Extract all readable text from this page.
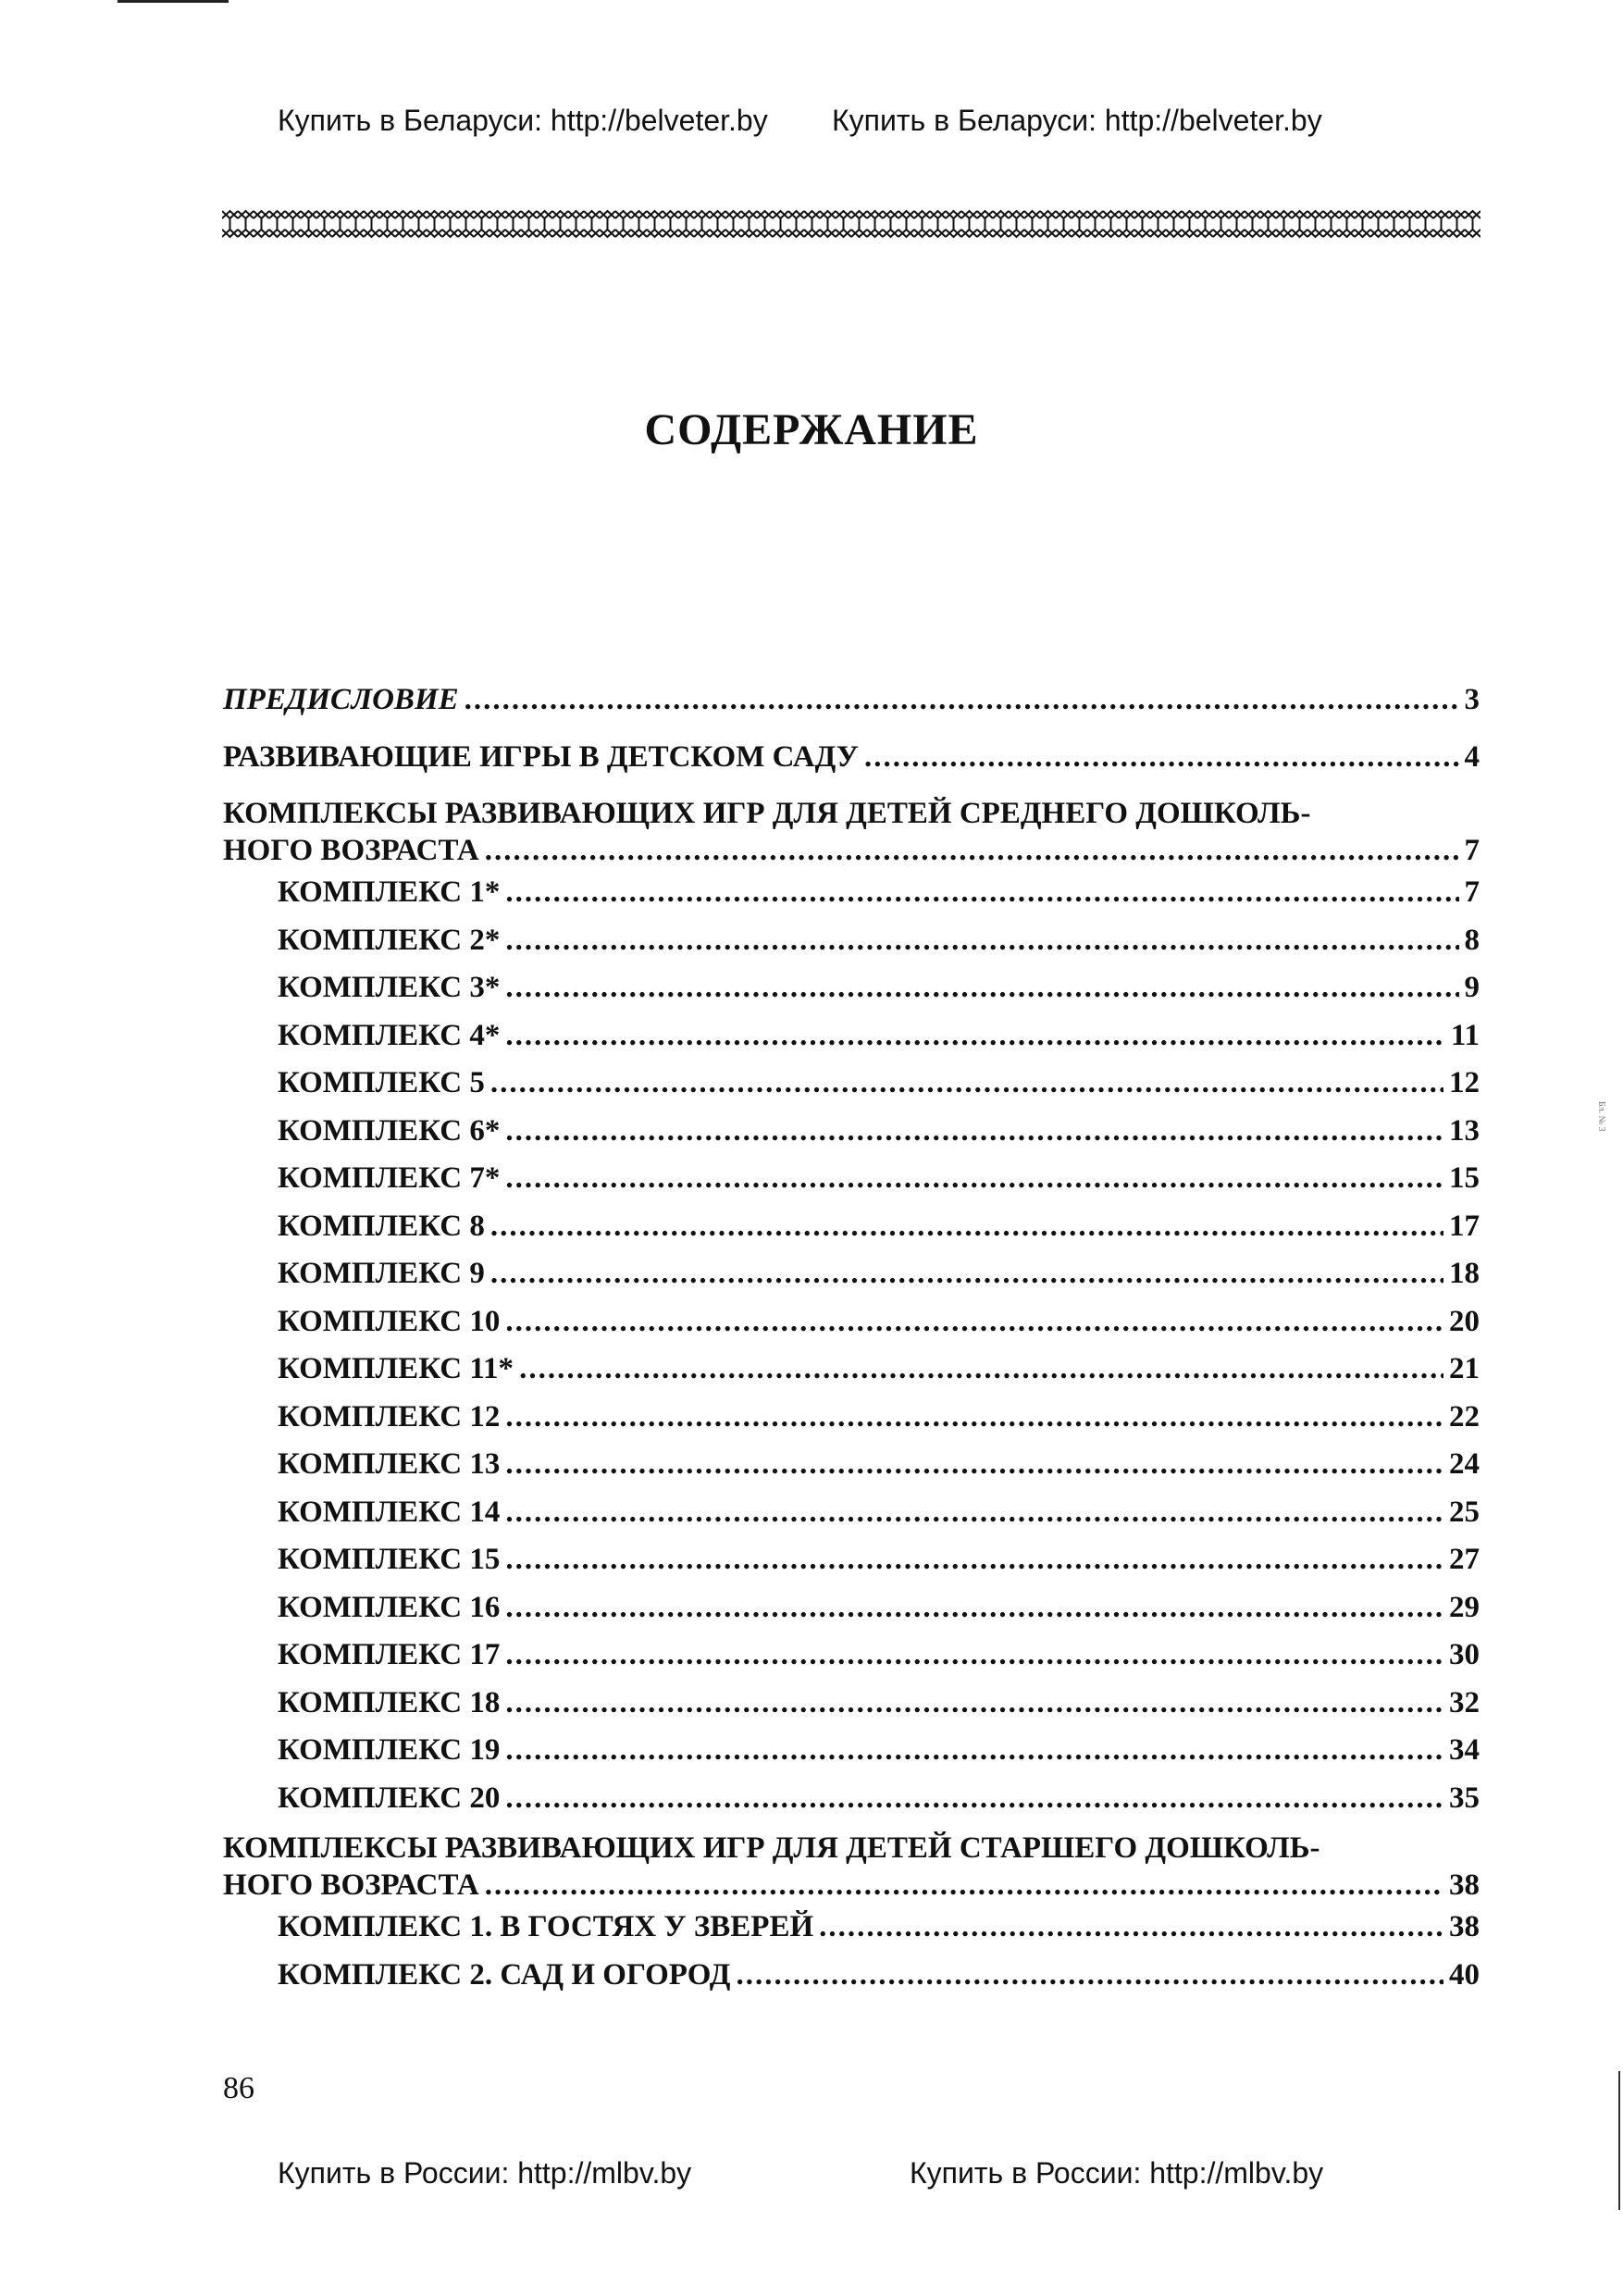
Купить в Беларуси: http://belveter.by Купить в Беларуси: http://belveter.by
СОДЕРЖАНИЕ
ПРЕДИСЛОВИЕ .....	3
РАЗВИВАЮЩИЕ ИГРЫ В ДЕТСКОМ САДУ .....	4
КОМПЛЕКСЫ РАЗВИВАЮЩИХ ИГР ДЛЯ ДЕТЕЙ СРЕДНЕГО ДОШКОЛЬ-
НОГО ВОЗРАСТА .....	7
КОМПЛЕКС 1* .....	7
КОМПЛЕКС 2* .....	8
КОМПЛЕКС 3* .....	9
КОМПЛЕКС 4* .....	11
КОМПЛЕКС 5 .....	12
КОМПЛЕКС 6* .....	13
КОМПЛЕКС 7* .....	15
КОМПЛЕКС 8 .....	17
КОМПЛЕКС 9 .....	18
КОМПЛЕКС 10 .....	20
КОМПЛЕКС 11* .....	21
КОМПЛЕКС 12 .....	22
КОМПЛЕКС 13 .....	24
КОМПЛЕКС 14 .....	25
КОМПЛЕКС 15 .....	27
КОМПЛЕКС 16 .....	29
КОМПЛЕКС 17 .....	30
КОМПЛЕКС 18 .....	32
КОМПЛЕКС 19 .....	34
КОМПЛЕКС 20 .....	35
КОМПЛЕКСЫ РАЗВИВАЮЩИХ ИГР ДЛЯ ДЕТЕЙ СТАРШЕГО ДОШКОЛЬ-
НОГО ВОЗРАСТА .....	38
КОМПЛЕКС 1. В ГОСТЯХ У ЗВЕРЕЙ .....	38
КОМПЛЕКС 2. САД И ОГОРОД .....	40
86
Бл. № 3
Купить в России: http://mlbv.by	Купить в России: http://mlbv.by
